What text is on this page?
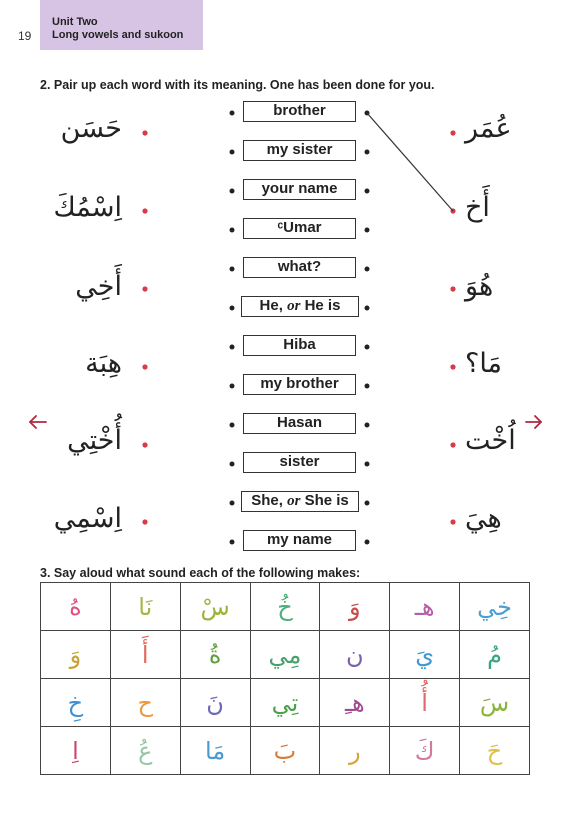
19
Unit Two
Long vowels and sukoon
2. Pair up each word with its meaning. One has been done for you.
brother
my sister
your name
ᶜUmar
what?
He, or He is
Hiba
my brother
Hasan
sister
She, or She is
my name
حَسَن
اِسْمُكَ
أَخِي
هِبَة
أُخْتِي
اِسْمِي
عُمَر
أَخ
هُوَ
مَا؟
اُخْت
هِيَ
3. Say aloud what sound each of the following makes:
هُ	نَا	سْ	خُ	وَ	هـ	خِي
وَ	أَ	ةُ	مِي	ن	يَ	مُ
خِ	ح	نَ	تِي	هـِ	أُ	سَ
اِ	عُ	مَا	بَ	ر	كَ	حَ
